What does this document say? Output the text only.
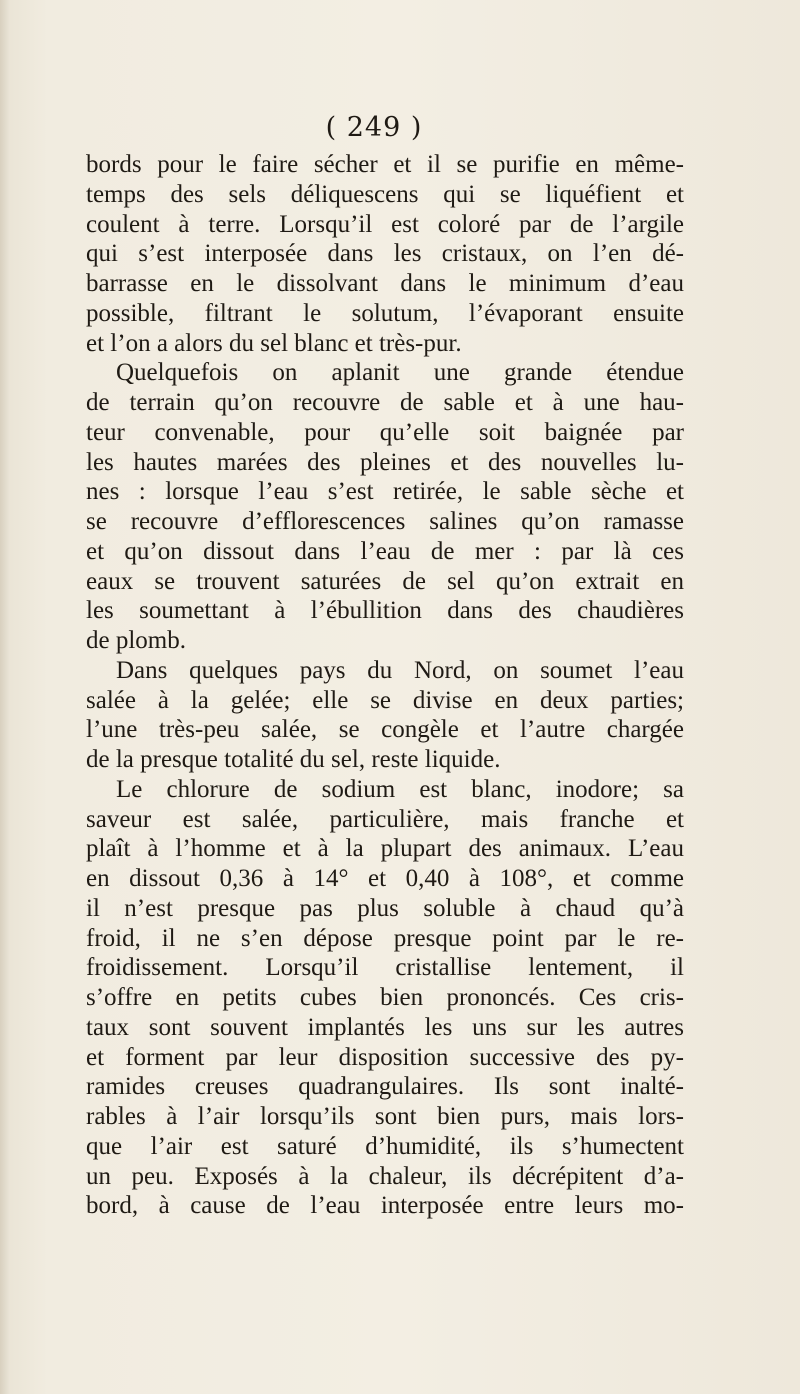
( 249 )
bords pour le faire sécher et il se purifie en même-
temps des sels déliquescens qui se liquéfient et
coulent à terre. Lorsqu’il est coloré par de l’argile
qui s’est interposée dans les cristaux, on l’en dé-
barrasse en le dissolvant dans le minimum d’eau
possible, filtrant le solutum, l’évaporant ensuite
et l’on a alors du sel blanc et très-pur.
Quelquefois on aplanit une grande étendue
de terrain qu’on recouvre de sable et à une hau-
teur convenable, pour qu’elle soit baignée par
les hautes marées des pleines et des nouvelles lu-
nes : lorsque l’eau s’est retirée, le sable sèche et
se recouvre d’efflorescences salines qu’on ramasse
et qu’on dissout dans l’eau de mer : par là ces
eaux se trouvent saturées de sel qu’on extrait en
les soumettant à l’ébullition dans des chaudières
de plomb.
Dans quelques pays du Nord, on soumet l’eau
salée à la gelée; elle se divise en deux parties;
l’une très-peu salée, se congèle et l’autre chargée
de la presque totalité du sel, reste liquide.
Le chlorure de sodium est blanc, inodore; sa
saveur est salée, particulière, mais franche et
plaît à l’homme et à la plupart des animaux. L’eau
en dissout 0,36 à 14° et 0,40 à 108°, et comme
il n’est presque pas plus soluble à chaud qu’à
froid, il ne s’en dépose presque point par le re-
froidissement. Lorsqu’il cristallise lentement, il
s’offre en petits cubes bien prononcés. Ces cris-
taux sont souvent implantés les uns sur les autres
et forment par leur disposition successive des py-
ramides creuses quadrangulaires. Ils sont inalté-
rables à l’air lorsqu’ils sont bien purs, mais lors-
que l’air est saturé d’humidité, ils s’humectent
un peu. Exposés à la chaleur, ils décrépitent d’a-
bord, à cause de l’eau interposée entre leurs mo-
